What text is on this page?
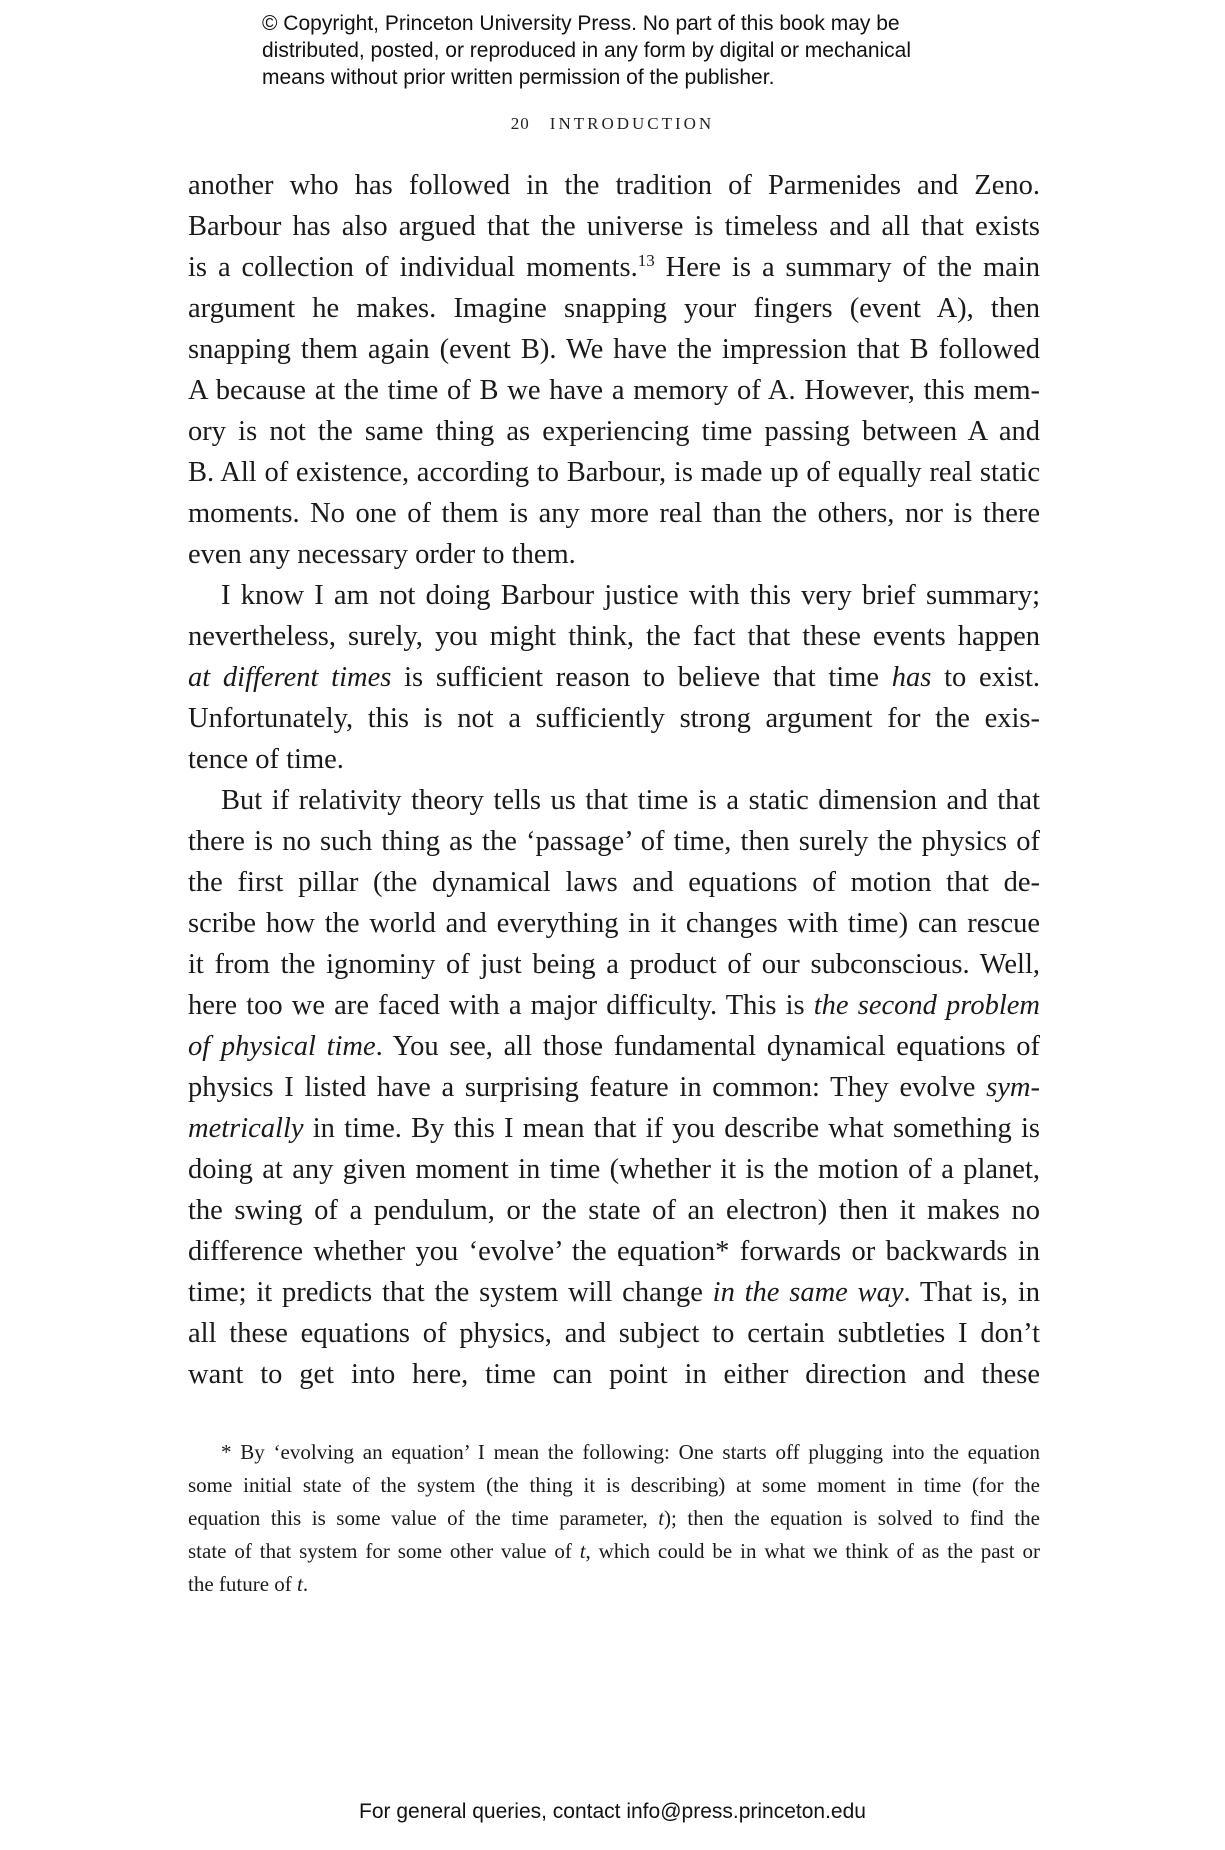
© Copyright, Princeton University Press. No part of this book may be
distributed, posted, or reproduced in any form by digital or mechanical
means without prior written permission of the publisher.
20 INTRODUCTION
another who has followed in the tradition of Parmenides and Zeno.
Barbour has also argued that the universe is timeless and all that exists
is a collection of individual moments.$^{13}$ Here is a summary of the main
argument he makes. Imagine snapping your fingers (event A), then
snapping them again (event B). We have the impression that B followed
A because at the time of B we have a memory of A. However, this mem-
ory is not the same thing as experiencing time passing between A and
B. All of existence, according to Barbour, is made up of equally real static
moments. No one of them is any more real than the others, nor is there
even any necessary order to them.
I know I am not doing Barbour justice with this very brief summary;
nevertheless, surely, you might think, the fact that these events happen
at different times is sufficient reason to believe that time has to exist.
Unfortunately, this is not a sufficiently strong argument for the exis-
tence of time.
But if relativity theory tells us that time is a static dimension and that
there is no such thing as the ‘passage’ of time, then surely the physics of
the first pillar (the dynamical laws and equations of motion that de-
scribe how the world and everything in it changes with time) can rescue
it from the ignominy of just being a product of our subconscious. Well,
here too we are faced with a major difficulty. This is the second problem
of physical time. You see, all those fundamental dynamical equations of
physics I listed have a surprising feature in common: They evolve sym-
metrically in time. By this I mean that if you describe what something is
doing at any given moment in time (whether it is the motion of a planet,
the swing of a pendulum, or the state of an electron) then it makes no
difference whether you ‘evolve’ the equation* forwards or backwards in
time; it predicts that the system will change in the same way. That is, in
all these equations of physics, and subject to certain subtleties I don’t
want to get into here, time can point in either direction and these
* By ‘evolving an equation’ I mean the following: One starts off plugging into the equation
some initial state of the system (the thing it is describing) at some moment in time (for the
equation this is some value of the time parameter, t); then the equation is solved to find the
state of that system for some other value of t, which could be in what we think of as the past or
the future of t.
For general queries, contact info@press.princeton.edu
